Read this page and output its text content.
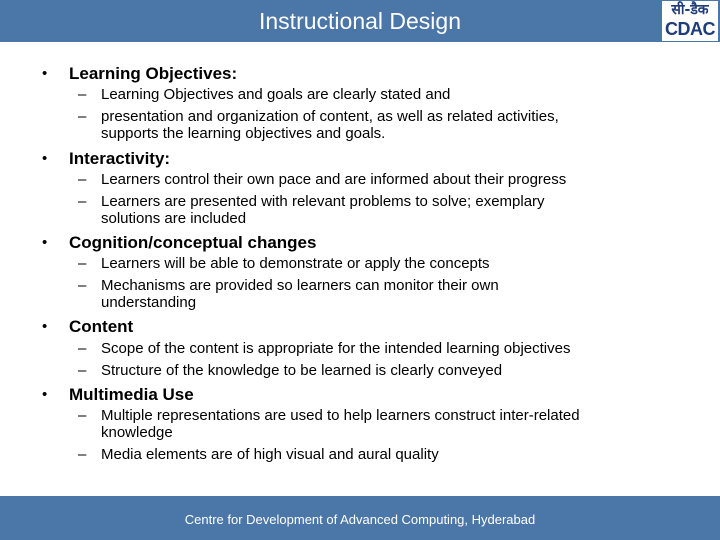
Instructional Design	सी-डैक
CDAC
• Learning Objectives:
– Learning Objectives and goals are clearly stated and
– presentation and organization of content, as well as related activities,
supports the learning objectives and goals.
• Interactivity:
– Learners control their own pace and are informed about their progress
– Learners are presented with relevant problems to solve; exemplary
solutions are included
• Cognition/conceptual changes
– Learners will be able to demonstrate or apply the concepts
– Mechanisms are provided so learners can monitor their own
understanding
• Content
– Scope of the content is appropriate for the intended learning objectives
– Structure of the knowledge to be learned is clearly conveyed
• Multimedia Use
– Multiple representations are used to help learners construct inter-related
knowledge
– Media elements are of high visual and aural quality
Centre for Development of Advanced Computing, Hyderabad
